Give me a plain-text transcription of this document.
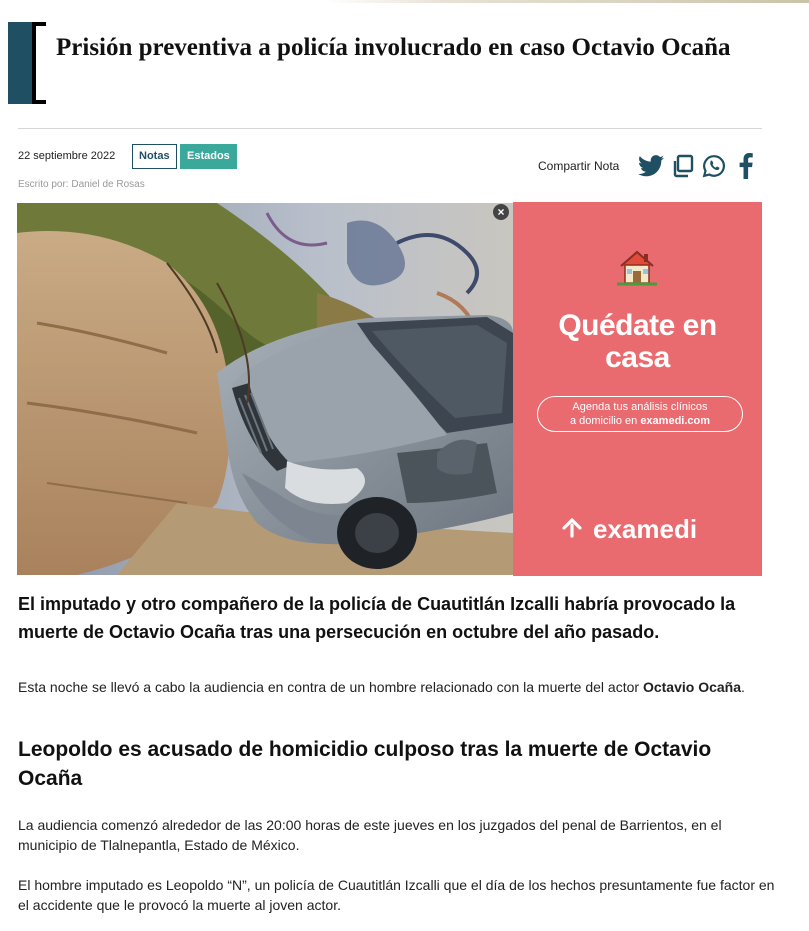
Prisión preventiva a policía involucrado en caso Octavio Ocaña
22 septiembre 2022	Notas	Estados
Escrito por: Daniel de Rosas
Compartir Nota
Quédate en
casa
Agenda tus análisis clínicos
a domicilio en examedi.com
examedi
×

El imputado y otro compañero de la policía de Cuautitlán Izcalli habría provocado la muerte de Octavio Ocaña tras una persecución en octubre del año pasado.

Esta noche se llevó a cabo la audiencia en contra de un hombre relacionado con la muerte del actor Octavio Ocaña.

Leopoldo es acusado de homicidio culposo tras la muerte de Octavio Ocaña

La audiencia comenzó alrededor de las 20:00 horas de este jueves en los juzgados del penal de Barrientos, en el municipio de Tlalnepantla, Estado de México.

El hombre imputado es Leopoldo “N”, un policía de Cuautitlán Izcalli que el día de los hechos presuntamente fue factor en el accidente que le provocó la muerte al joven actor.
